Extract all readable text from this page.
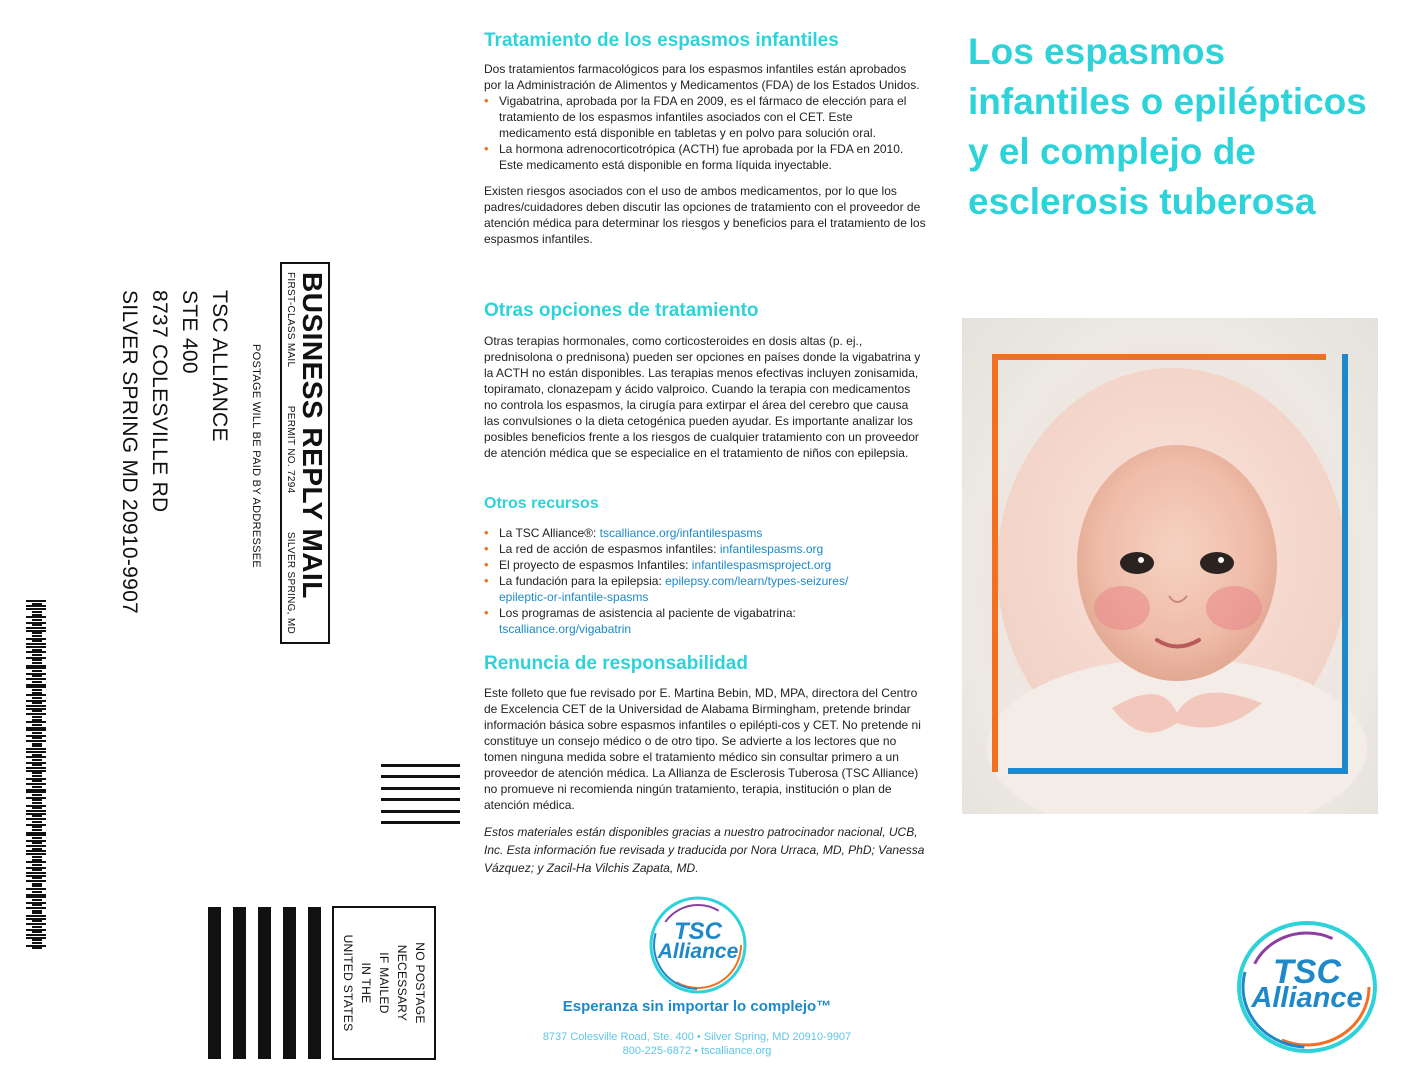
TSC ALLIANCE
STE 400
8737 COLESVILLE RD
SILVER SPRING MD 20910-9907	POSTAGE WILL BE PAID BY ADDRESSEE BUSINESS REPLY MAIL
FIRST-CLASS MAIL
PERMIT NO. 7294
SILVER SPRING, MD
NO POSTAGE
NECESSARY
IF MAILED
IN THE
UNITED STATES
Tratamiento de los espasmos infantiles

Dos tratamientos farmacológicos para los espasmos infantiles están aprobados por la Administración de Alimentos y Medicamentos (FDA) de los Estados Unidos.

• Vigabatrina, aprobada por la FDA en 2009, es el fármaco de elección para el tratamiento de los espasmos infantiles asociados con el CET. Este medicamento está disponible en tabletas y en polvo para solución oral.
• La hormona adrenocorticotrópica (ACTH) fue aprobada por la FDA en 2010. Este medicamento está disponible en forma líquida inyectable.

Existen riesgos asociados con el uso de ambos medicamentos, por lo que los padres/cuidadores deben discutir las opciones de tratamiento con el proveedor de atención médica para determinar los riesgos y beneficios para el tratamiento de los espasmos infantiles.

Otras opciones de tratamiento

Otras terapias hormonales, como corticosteroides en dosis altas (p. ej., prednisolona o prednisona) pueden ser opciones en países donde la vigabatrina y la ACTH no están disponibles. Las terapias menos efectivas incluyen zonisamida, topiramato, clonazepam y ácido valproico. Cuando la terapia con medicamentos no controla los espasmos, la cirugía para extirpar el área del cerebro que causa las convulsiones o la dieta cetogénica pueden ayudar. Es importante analizar los posibles beneficios frente a los riesgos de cualquier tratamiento con un proveedor de atención médica que se especialice en el tratamiento de niños con epilepsia.

Otros recursos
• La TSC Alliance®: tscalliance.org/infantilespasms
• La red de acción de espasmos infantiles: infantilespasms.org
• El proyecto de espasmos Infantiles: infantilespasmsproject.org
• La fundación para la epilepsia: epilepsy.com/learn/types-seizures/ epileptic-or-infantile-spasms
• Los programas de asistencia al paciente de vigabatrina: tscalliance.org/vigabatrin
Renuncia de responsabilidad

Este folleto que fue revisado por E. Martina Bebin, MD, MPA, directora del Centro de Excelencia CET de la Universidad de Alabama Birmingham, pretende brindar información básica sobre espasmos infantiles o epilépti-cos y CET. No pretende ni constituye un consejo médico o de otro tipo. Se advierte a los lectores que no tomen ninguna medida sobre el tratamiento médico sin consultar primero a un proveedor de atención médica. La Allianza de Esclerosis Tuberosa (TSC Alliance) no promueve ni recomienda ningún tratamiento, terapia, institución o plan de atención médica.

Estos materiales están disponibles gracias a nuestro patrocinador nacional, UCB, Inc. Esta información fue revisada y traducida por Nora Urraca, MD, PhD; Vanessa Vázquez; y Zacil-Ha Vilchis Zapata, MD.

TSC
Alliance
Esperanza sin importar lo complejo™
8737 Colesville Road, Ste. 400 • Silver Spring, MD 20910-9907
800-225-6872 • tscalliance.org
Los espasmos infantiles o epilépticos y el complejo de esclerosis tuberosa
TSC
Alliance
